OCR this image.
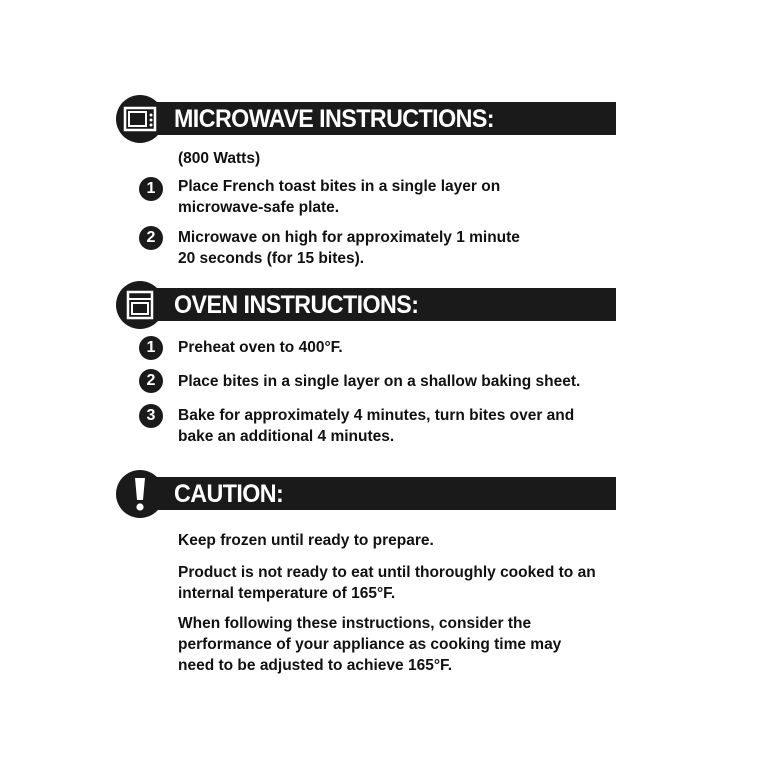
MICROWAVE INSTRUCTIONS:
(800 Watts)
1	Place French toast bites in a single layer on
microwave-safe plate.
2	Microwave on high for approximately 1 minute
20 seconds (for 15 bites).
OVEN INSTRUCTIONS:
1	Preheat oven to 400°F.
2	Place bites in a single layer on a shallow baking sheet.
3	Bake for approximately 4 minutes, turn bites over and
bake an additional 4 minutes.
CAUTION:
Keep frozen until ready to prepare.
Product is not ready to eat until thoroughly cooked to an
internal temperature of 165°F.
When following these instructions, consider the
performance of your appliance as cooking time may
need to be adjusted to achieve 165°F.
